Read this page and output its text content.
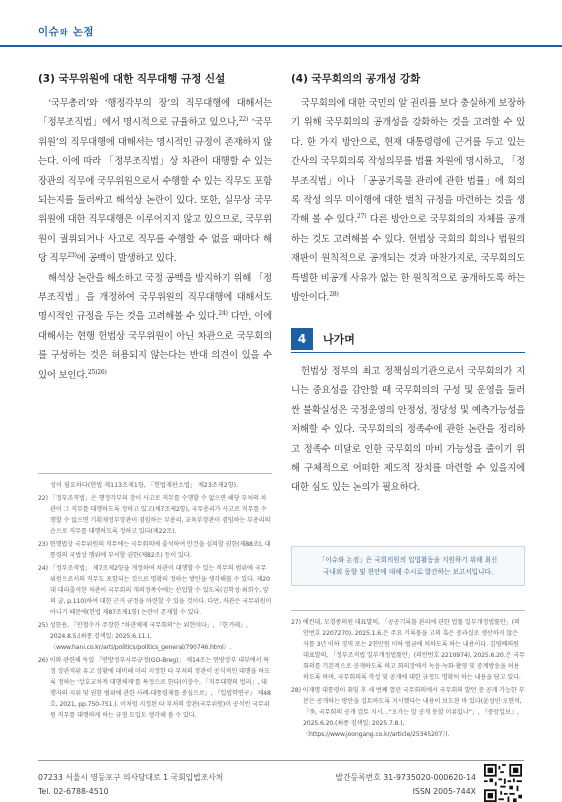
이슈와 논점
(3) 국무위원에 대한 직무대행 규정 신설

‘국무총리’와 ‘행정각부의 장’의 직무대행에 대해서는 「정부조직법」에서 명시적으로 규율하고 있으나,$^{22)}$ ‘국무위원’의 직무대행에 대해서는 명시적인 규정이 존재하지 않는다. 이에 따라 「정부조직법」상 차관이 대행할 수 있는 장관의 직무에 국무위원으로서 수행할 수 있는 직무도 포함되는지를 둘러싸고 해석상 논란이 있다. 또한, 실무상 국무위원에 대한 직무대행은 이루어지지 않고 있으므로, 국무위원이 궐위되거나 사고로 직무를 수행할 수 없을 때마다 해당 직무$^{23)}$에 공백이 발생하고 있다.

해석상 논란을 해소하고 국정 공백을 방지하기 위해 「정부조직법」을 개정하여 국무위원의 직무대행에 대해서도 명시적인 규정을 두는 것을 고려해볼 수 있다.$^{24)}$ 다만, 이에 대해서는 현행 헌법상 국무위원이 아닌 차관으로 국무회의를 구성하는 것은 허용되지 않는다는 반대 의견이 있을 수 있어 보인다.$^{25)26)}$

성이 필요하다(헌법 제113조제1항, 「헌법재판소법」 제23조제2항).

22) 「정부조직법」은 행정각부의 장이 사고로 직무를 수행할 수 없으면 해당 부처의 차관이 그 직무를 대행하도록 정하고 있고(제7조제2항), 국무총리가 사고로 직무를 수행할 수 없으면 기획재정부장관이 겸임하는 부총리, 교육부장관이 겸임하는 부총리의 순으로 직무를 대행하도록 정하고 있다(제22조).

23) 현행법상 국무위원의 직무에는 국무회의에 출석하여 안건을 심의할 권한(제88조), 대통령의 국법상 행위에 부서할 권한(제82조) 등이 있다.

24) 「정부조직법」 제7조제2항을 개정하여 차관이 대행할 수 있는 직무의 범위에 국무위원으로서의 직무도 포함되는 것으로 명확히 정하는 방안을 생각해볼 수 있다. 제20대 대리출석한 차관이 국무회의 개의정족수에는 산입할 수 있도록(김학성·최희수, 앞의 글, p.110)하여 대한 근거 규정을 마련할 수 있을 것이다. 다만, 차관은 국무위원이 아니기 때문에(헌법 제87조제1항) 논란이 존재할 수 있다.

25) 성한용, 「안철수가 주장한 “차관체제 국무회의”는 위헌이다」, 『한겨레』, 2024.8.5.(최종 검색일: 2025.6.11.), 〈www.hani.co.kr/arti/politics/politics_general/790746.html〉.

26) 이와 관련해 독일 「연방정부사무규정(GO-Breg)」 제14조는 연방장부 내부에서 특정 장관직위 유고 상황에 대비해 미리 지정한 타 부처의 장관이 공식적인 대행을 하도록 정하는 ‘상호교차적 대행체제’를 특정으로 한다(이충수, 「직무대행의 법리」, 대행자의 지위 및 권한 범위에 관한 사례-대통령제를 중심으로」, 『입법학연구』 제48호, 2021, pp.750-751.). 이처럼 지정된 타 부처의 장관(국무위원)이 공석인 국무위원 직무를 대행하게 하는 규정 도입도 생각해 볼 수 있다.

(4) 국무회의의 공개성 강화

국무회의에 대한 국민의 알 권리를 보다 충실하게 보장하기 위해 국무회의의 공개성을 강화하는 것을 고려할 수 있다. 한 가지 방안으로, 현재 대통령령에 근거를 두고 있는 간사의 국무회의록 작성의무를 법률 차원에 명시하고, 「정부조직법」이나 「공공기록물 관리에 관한 법률」에 회의록 작성 의무 미이행에 대한 벌칙 규정을 마련하는 것을 생각해 볼 수 있다.$^{27)}$ 다른 방안으로 국무회의의 자체를 공개하는 것도 고려해볼 수 있다. 헌법상 국회의 회의나 법원의 재판이 원칙적으로 공개되는 것과 마찬가지로, 국무회의도 특별한 비공개 사유가 없는 한 원칙적으로 공개하도록 하는 방안이다.$^{28)}$

4	나가며

헌법상 정부의 최고 정책심의기관으로서 국무회의가 지니는 중요성을 감안할 때 국무회의의 구성 및 운영을 둘러싼 불확실성은 국정운영의 안정성, 정당성 및 예측가능성을 저해할 수 있다. 국무회의의 정족수에 관한 논란을 정리하고 정족수 미달로 인한 국무회의 마비 가능성을 줄이기 위해 구체적으로 어떠한 제도적 장치를 마련할 수 있을지에 대한 심도 있는 논의가 필요하다.

「이슈와 논점」은 국회의원의 입법활동을 지원하기 위해 최신
국내외 동향 및 현안에 대해 수시로 발간하는 보고서입니다.

27) 예컨대, 모경종의원 대표발의, 「공공기록물 관리에 관한 법률 일부개정법률안」(의안번호 2207270), 2025.1.6.은 주요 기록물을 고의 혹은 중과실로 생산하지 않은 자를 3년 이하 징역 또는 2천만원 이하 벌금에 처하도록 하는 내용이다. 김영배의원 대표발의, 「정부조직법 일부개정법률안」(의안번호 2210974), 2025.6.20.은 국무회의를 기본적으로 공개하도록 하고 회의장에서 녹음·녹화·촬영 및 중계방송을 허용하도록 하며, 국무회의록 작성 및 공개에 대한 규정도 명확히 하는 내용을 담고 있다.

28) 이재명 대통령이 취임 후 세 번째 열린 국무회의에서 국무회의 발언 중 공개 가능한 부분은 공개하는 방안을 검토하도록 지시했다는 내용이 보도된 바 있다(윤성민·오현석, 「李, 국무회의 공개 검토 지시…“오가는 말 공개 못할 이유있나”」, 『중앙일보』, 2025.6.20.(최종 검색일: 2025.7.8.), 〈https://www.joongang.co.kr/article/25345207〉).

07233 서울시 영등포구 의사당대로 1 국회입법조사처
Tel. 02-6788-4510
발간등록번호 31-9735020-000620-14
ISSN 2005-744X
